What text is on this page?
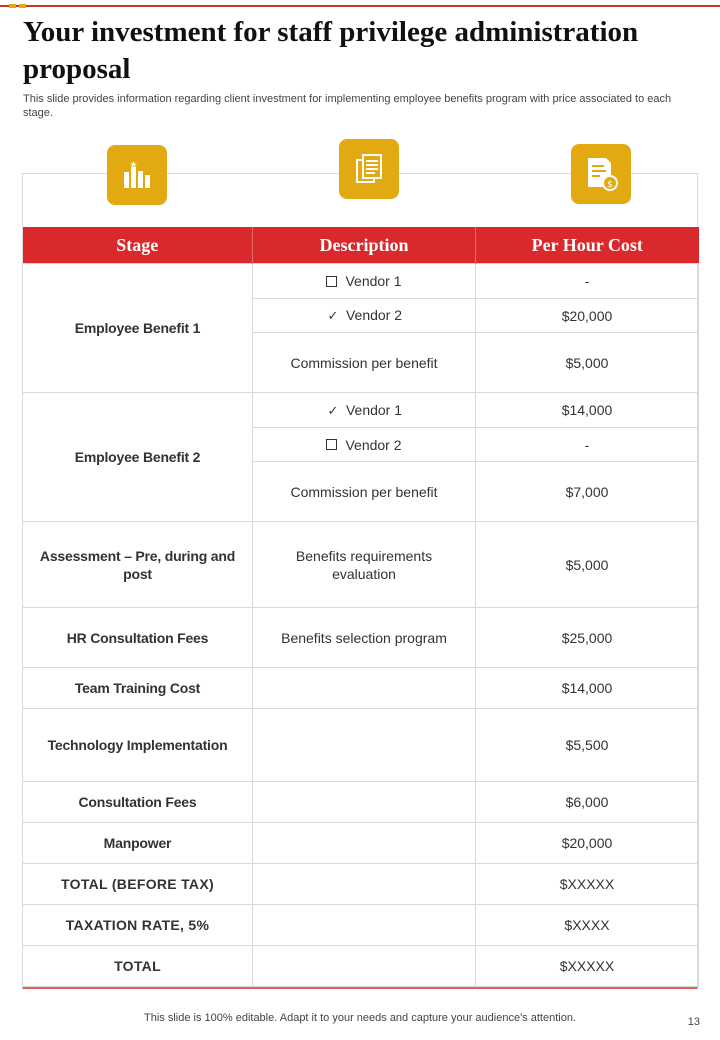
Your investment for staff privilege administration proposal

This slide provides information regarding client investment for implementing employee benefits program with price associated to each stage.

$
Stage	Description	Per Hour Cost
Employee Benefit 1	Vendor 1	-
	✓ Vendor 2	$20,000
	Commission per benefit	$5,000
Employee Benefit 2	✓ Vendor 1	$14,000
	Vendor 2	-
	Commission per benefit	$7,000
Assessment – Pre, during and post	Benefits requirements evaluation	$5,000
HR Consultation Fees	Benefits selection program	$25,000
Team Training Cost		$14,000
Technology Implementation		$5,500
Consultation Fees		$6,000
Manpower		$20,000
TOTAL (BEFORE TAX)		$XXXXX
TAXATION RATE, 5%		$XXXX
TOTAL		$XXXXX

This slide is 100% editable. Adapt it to your needs and capture your audience's attention.	13
